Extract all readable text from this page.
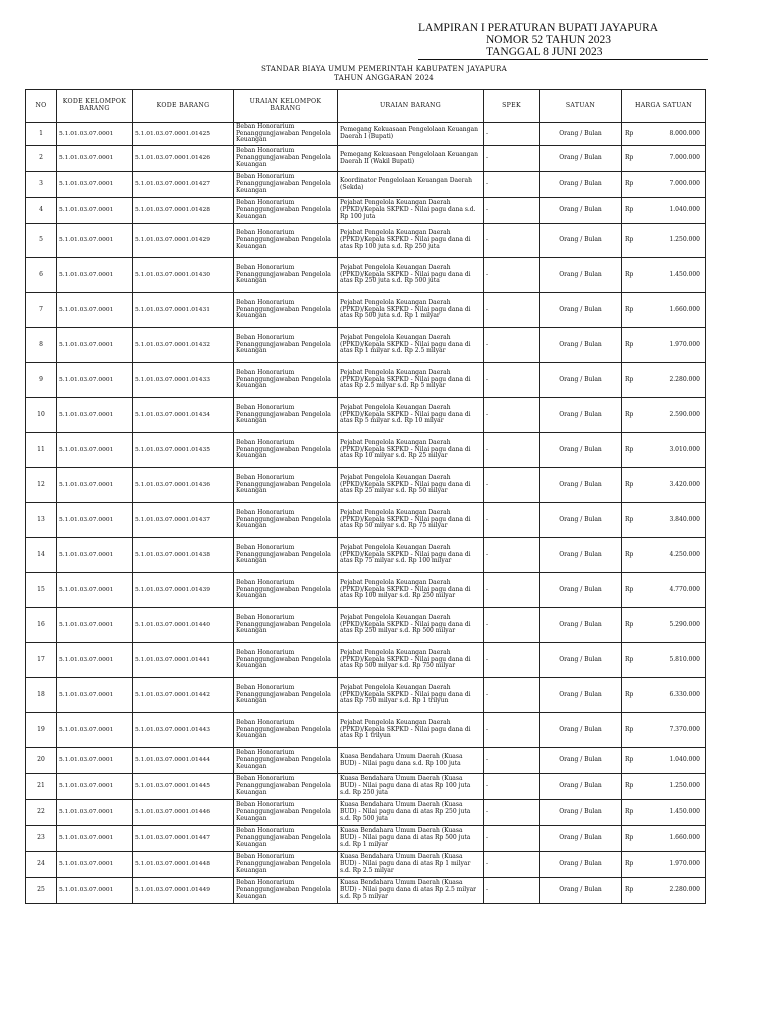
LAMPIRAN I PERATURAN BUPATI JAYAPURA
NOMOR 52 TAHUN 2023
TANGGAL 8 JUNI 2023
STANDAR BIAYA UMUM PEMERINTAH KABUPATEN JAYAPURA
TAHUN ANGGARAN 2024
NO	KODE KELOMPOK BARANG	KODE BARANG	URAIAN KELOMPOK BARANG	URAIAN BARANG	SPEK	SATUAN	HARGA SATUAN
1	5.1.01.03.07.0001	5.1.01.03.07.0001.01425	Beban Honorarium Penanggungjawaban Pengelola Keuangan	Pemegang Kekuasaan Pengelolaan Keuangan Daerah I (Bupati)	-	Orang / Bulan	Rp 8.000.000

2	5.1.01.03.07.0001	5.1.01.03.07.0001.01426	Beban Honorarium Penanggungjawaban Pengelola Keuangan	Pemegang Kekuasaan Pengelolaan Keuangan Daerah II (Wakil Bupati)	-	Orang / Bulan	Rp 7.000.000

3	5.1.01.03.07.0001	5.1.01.03.07.0001.01427	Beban Honorarium Penanggungjawaban Pengelola Keuangan	Koordinator Pengelolaan Keuangan Daerah (Sekda)	-	Orang / Bulan	Rp 7.000.000

4	5.1.01.03.07.0001	5.1.01.03.07.0001.01428	Beban Honorarium Penanggungjawaban Pengelola Keuangan	Pejabat Pengelola Keuangan Daerah (PPKD)/Kepala SKPKD - Nilai pagu dana s.d. Rp 100 juta	-	Orang / Bulan	Rp 1.040.000

5	5.1.01.03.07.0001	5.1.01.03.07.0001.01429	Beban Honorarium Penanggungjawaban Pengelola Keuangan	Pejabat Pengelola Keuangan Daerah (PPKD)/Kepala SKPKD - Nilai pagu dana di atas Rp 100 juta s.d. Rp 250 juta	-	Orang / Bulan	Rp 1.250.000

6	5.1.01.03.07.0001	5.1.01.03.07.0001.01430	Beban Honorarium Penanggungjawaban Pengelola Keuangan	Pejabat Pengelola Keuangan Daerah (PPKD)/Kepala SKPKD - Nilai pagu dana di atas Rp 250 juta s.d. Rp 500 juta	-	Orang / Bulan	Rp 1.450.000

7	5.1.01.03.07.0001	5.1.01.03.07.0001.01431	Beban Honorarium Penanggungjawaban Pengelola Keuangan	Pejabat Pengelola Keuangan Daerah (PPKD)/Kepala SKPKD - Nilai pagu dana di atas Rp 500 juta s.d. Rp 1 milyar	-	Orang / Bulan	Rp 1.660.000

8	5.1.01.03.07.0001	5.1.01.03.07.0001.01432	Beban Honorarium Penanggungjawaban Pengelola Keuangan	Pejabat Pengelola Keuangan Daerah (PPKD)/Kepala SKPKD - Nilai pagu dana di atas Rp 1 milyar s.d. Rp 2.5 milyar	-	Orang / Bulan	Rp 1.970.000

9	5.1.01.03.07.0001	5.1.01.03.07.0001.01433	Beban Honorarium Penanggungjawaban Pengelola Keuangan	Pejabat Pengelola Keuangan Daerah (PPKD)/Kepala SKPKD - Nilai pagu dana di atas Rp 2.5 milyar s.d. Rp 5 milyar	-	Orang / Bulan	Rp 2.280.000

10	5.1.01.03.07.0001	5.1.01.03.07.0001.01434	Beban Honorarium Penanggungjawaban Pengelola Keuangan	Pejabat Pengelola Keuangan Daerah (PPKD)/Kepala SKPKD - Nilai pagu dana di atas Rp 5 milyar s.d. Rp 10 milyar	-	Orang / Bulan	Rp 2.590.000

11	5.1.01.03.07.0001	5.1.01.03.07.0001.01435	Beban Honorarium Penanggungjawaban Pengelola Keuangan	Pejabat Pengelola Keuangan Daerah (PPKD)/Kepala SKPKD - Nilai pagu dana di atas Rp 10 milyar s.d. Rp 25 milyar	-	Orang / Bulan	Rp 3.010.000

12	5.1.01.03.07.0001	5.1.01.03.07.0001.01436	Beban Honorarium Penanggungjawaban Pengelola Keuangan	Pejabat Pengelola Keuangan Daerah (PPKD)/Kepala SKPKD - Nilai pagu dana di atas Rp 25 milyar s.d. Rp 50 milyar	-	Orang / Bulan	Rp 3.420.000

13	5.1.01.03.07.0001	5.1.01.03.07.0001.01437	Beban Honorarium Penanggungjawaban Pengelola Keuangan	Pejabat Pengelola Keuangan Daerah (PPKD)/Kepala SKPKD - Nilai pagu dana di atas Rp 50 milyar s.d. Rp 75 milyar	-	Orang / Bulan	Rp 3.840.000

14	5.1.01.03.07.0001	5.1.01.03.07.0001.01438	Beban Honorarium Penanggungjawaban Pengelola Keuangan	Pejabat Pengelola Keuangan Daerah (PPKD)/Kepala SKPKD - Nilai pagu dana di atas Rp 75 milyar s.d. Rp 100 milyar	-	Orang / Bulan	Rp 4.250.000

15	5.1.01.03.07.0001	5.1.01.03.07.0001.01439	Beban Honorarium Penanggungjawaban Pengelola Keuangan	Pejabat Pengelola Keuangan Daerah (PPKD)/Kepala SKPKD - Nilai pagu dana di atas Rp 100 milyar s.d. Rp 250 milyar	-	Orang / Bulan	Rp 4.770.000

16	5.1.01.03.07.0001	5.1.01.03.07.0001.01440	Beban Honorarium Penanggungjawaban Pengelola Keuangan	Pejabat Pengelola Keuangan Daerah (PPKD)/Kepala SKPKD - Nilai pagu dana di atas Rp 250 milyar s.d. Rp 500 milyar	-	Orang / Bulan	Rp 5.290.000

17	5.1.01.03.07.0001	5.1.01.03.07.0001.01441	Beban Honorarium Penanggungjawaban Pengelola Keuangan	Pejabat Pengelola Keuangan Daerah (PPKD)/Kepala SKPKD - Nilai pagu dana di atas Rp 500 milyar s.d. Rp 750 milyar	-	Orang / Bulan	Rp 5.810.000

18	5.1.01.03.07.0001	5.1.01.03.07.0001.01442	Beban Honorarium Penanggungjawaban Pengelola Keuangan	Pejabat Pengelola Keuangan Daerah (PPKD)/Kepala SKPKD - Nilai pagu dana di atas Rp 750 milyar s.d. Rp 1 trilyun	-	Orang / Bulan	Rp 6.330.000

19	5.1.01.03.07.0001	5.1.01.03.07.0001.01443	Beban Honorarium Penanggungjawaban Pengelola Keuangan	Pejabat Pengelola Keuangan Daerah (PPKD)/Kepala SKPKD - Nilai pagu dana di atas Rp 1 trilyun	-	Orang / Bulan	Rp 7.370.000

20	5.1.01.03.07.0001	5.1.01.03.07.0001.01444	Beban Honorarium Penanggungjawaban Pengelola Keuangan	Kuasa Bendahara Umum Daerah (Kuasa BUD) - Nilai pagu dana s.d. Rp 100 juta	-	Orang / Bulan	Rp 1.040.000

21	5.1.01.03.07.0001	5.1.01.03.07.0001.01445	Beban Honorarium Penanggungjawaban Pengelola Keuangan	Kuasa Bendahara Umum Daerah (Kuasa BUD) - Nilai pagu dana di atas Rp 100 juta s.d. Rp 250 juta	-	Orang / Bulan	Rp 1.250.000

22	5.1.01.03.07.0001	5.1.01.03.07.0001.01446	Beban Honorarium Penanggungjawaban Pengelola Keuangan	Kuasa Bendahara Umum Daerah (Kuasa BUD) - Nilai pagu dana di atas Rp 250 juta s.d. Rp 500 juta	-	Orang / Bulan	Rp 1.450.000

23	5.1.01.03.07.0001	5.1.01.03.07.0001.01447	Beban Honorarium Penanggungjawaban Pengelola Keuangan	Kuasa Bendahara Umum Daerah (Kuasa BUD) - Nilai pagu dana di atas Rp 500 juta s.d. Rp 1 milyar	-	Orang / Bulan	Rp 1.660.000

24	5.1.01.03.07.0001	5.1.01.03.07.0001.01448	Beban Honorarium Penanggungjawaban Pengelola Keuangan	Kuasa Bendahara Umum Daerah (Kuasa BUD) - Nilai pagu dana di atas Rp 1 milyar s.d. Rp 2.5 milyar	-	Orang / Bulan	Rp 1.970.000

25	5.1.01.03.07.0001	5.1.01.03.07.0001.01449	Beban Honorarium Penanggungjawaban Pengelola Keuangan	Kuasa Bendahara Umum Daerah (Kuasa BUD) - Nilai pagu dana di atas Rp 2.5 milyar s.d. Rp 5 milyar	-	Orang / Bulan	Rp 2.280.000
